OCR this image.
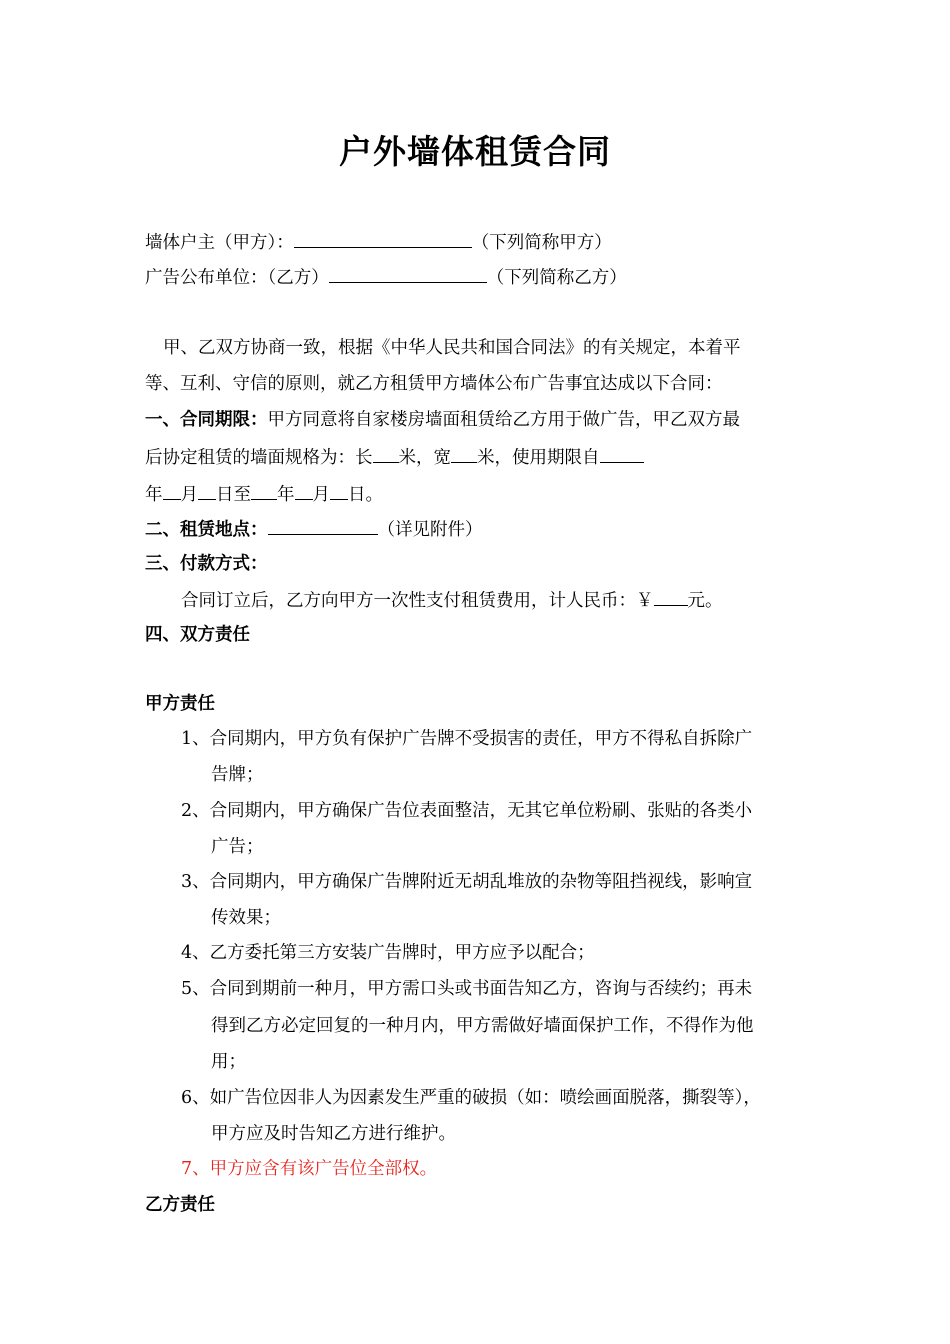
户外墙体租赁合同
墙体户主（甲方）：	（下列简称甲方）
广告公布单位：（乙方）	（下列简称乙方）
甲、乙双方协商一致，根据《中华人民共和国合同法》的有关规定，本着平
等、互利、守信的原则，就乙方租赁甲方墙体公布广告事宜达成以下合同：
一、合同期限：甲方同意将自家楼房墙面租赁给乙方用于做广告，甲乙双方最
后协定租赁的墙面规格为：长 米，宽 米，使用期限自
年 月 日至 年 月 日。
二、租赁地点：	（详见附件）
三、付款方式：
合同订立后，乙方向甲方一次性支付租赁费用，计人民币：￥ 元。
四、双方责任
甲方责任
1、合同期内，甲方负有保护广告牌不受损害的责任，甲方不得私自拆除广
告牌；
2、合同期内，甲方确保广告位表面整洁，无其它单位粉刷、张贴的各类小
广告；
3、合同期内，甲方确保广告牌附近无胡乱堆放的杂物等阻挡视线，影响宣
传效果；
4、乙方委托第三方安装广告牌时，甲方应予以配合；
5、合同到期前一种月，甲方需口头或书面告知乙方，咨询与否续约；再未
得到乙方必定回复的一种月内，甲方需做好墙面保护工作，不得作为他
用；
6、如广告位因非人为因素发生严重的破损（如：喷绘画面脱落，撕裂等），
甲方应及时告知乙方进行维护。
7、甲方应含有该广告位全部权。
乙方责任
